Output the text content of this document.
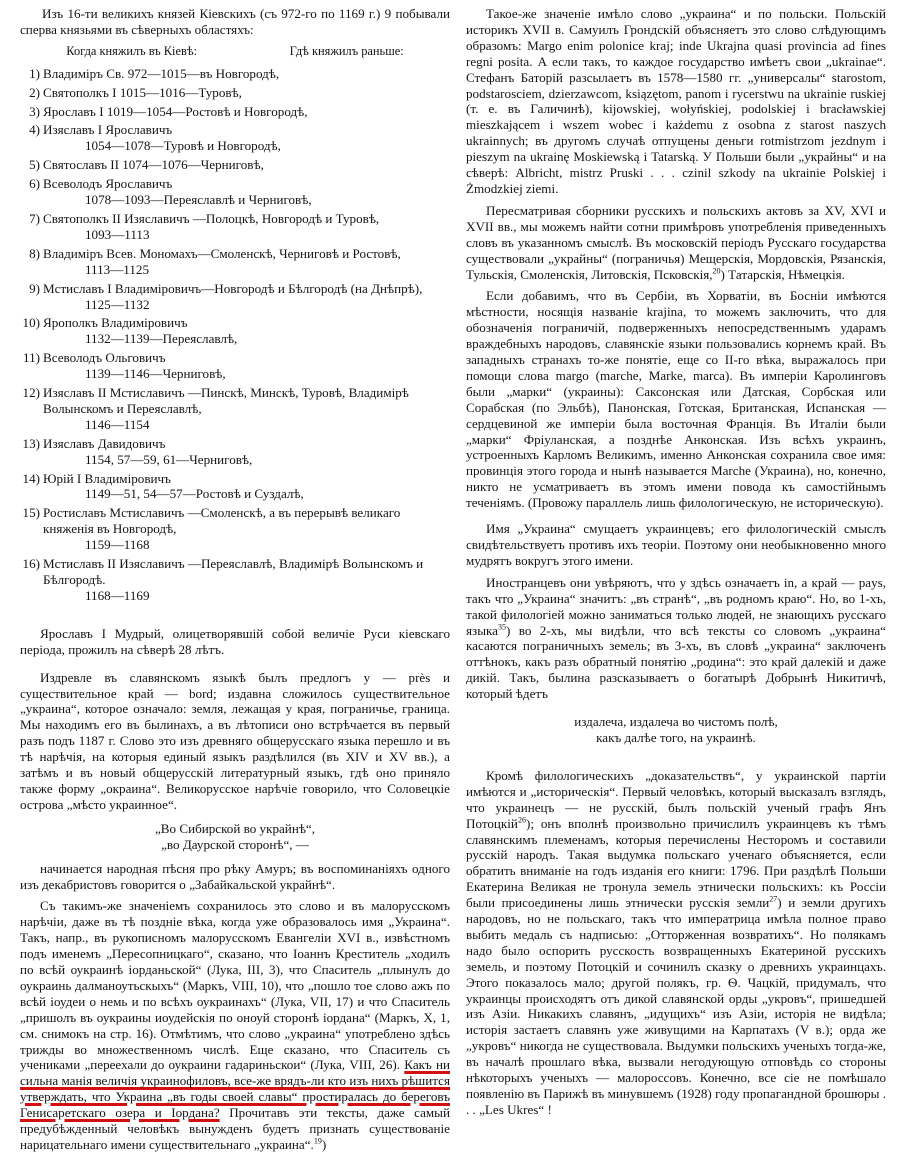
Изъ 16-ти великихъ князей Кіевскихъ (съ 972-го по 1169 г.) 9 побывали сперва князьями въ сѣверныхъ областяхъ:

Когда княжилъ въ Кіевѣ:	Гдѣ княжилъ раньше:
1) Владиміръ Св. 972—1015—въ Новгородѣ,
2) Святополкъ I 1015—1016—Туровѣ,
3) Ярославъ I 1019—1054—Ростовѣ и Новгородѣ,
4) Изяславъ I Ярославичъ
1054—1078—Туровѣ и Новгородѣ,
5) Святославъ II 1074—1076—Черниговѣ,
6) Всеволодъ Ярославичъ
1078—1093—Переяславлѣ и Черниговѣ,
7) Святополкъ II Изяславичъ —Полоцкѣ, Новгородѣ и Туровѣ,
1093—1113
8) Владиміръ Всев. Мономахъ—Смоленскѣ, Черниговѣ и Ростовѣ,
1113—1125
9) Мстиславъ I Владиміровичъ—Новгородѣ и Бѣлгородѣ (на Днѣпрѣ),
1125—1132
10) Ярополкъ Владиміровичъ
1132—1139—Переяславлѣ,
11) Всеволодъ Ольговичъ
1139—1146—Черниговѣ,
12) Изяславъ II Мстиславичъ —Пинскѣ, Минскѣ, Туровѣ, Владимірѣ Волынскомъ и Переяславлѣ,
1146—1154
13) Изяславъ Давидовичъ
1154, 57—59, 61—Черниговѣ,
14) Юрій I Владиміровичъ
1149—51, 54—57—Ростовѣ и Суздалѣ,
15) Ростиславъ Мстиславичъ —Смоленскѣ, а въ перерывѣ великаго княженія въ Новгородѣ,
1159—1168
16) Мстиславъ II Изяславичъ —Переяславлѣ, Владимірѣ Волынскомъ и Бѣлгородѣ.
1168—1169

Ярославъ I Мудрый, олицетворявшій собой величіе Руси кіевскаго періода, прожилъ на сѣверѣ 28 лѣтъ.

Издревле въ славянскомъ языкѣ былъ предлогъ у — près и существительное край — bord; издавна сложилось существительное „украина“, которое означало: земля, лежащая у края, пограничье, граница. Мы находимъ его въ былинахъ, а въ лѣтописи оно встрѣчается въ первый разъ подъ 1187 г. Слово это изъ древняго общерусскаго языка перешло и въ тѣ нарѣчія, на которыя единый языкъ раздѣлился (въ XIV и XV вв.), а затѣмъ и въ новый общерусскій литературный языкъ, гдѣ оно приняло также форму „окраина“. Великорусское нарѣчіе говорило, что Соловецкіе острова „мѣсто украинное“.

„Во Сибирской во украйнѣ“,
„во Даурской сторонѣ“, —

начинается народная пѣсня про рѣку Амуръ; въ воспоминаніяхъ одного изъ декабристовъ говорится о „Забайкальской украйнѣ“.

Съ такимъ-же значеніемъ сохранилось это слово и въ малорусскомъ нарѣчіи, даже въ тѣ поздніе вѣка, когда уже образовалось имя „Украина“. Такъ, напр., въ рукописномъ малорусскомъ Евангеліи XVI в., извѣстномъ подъ именемъ „Пересопницкаго“, сказано, что Іоаннъ Креститель „ходилъ по всѣй оукраинѣ іорданьской“ (Лука, III, 3), что Спаситель „плынулъ до оукраинь далманоутьскыхъ“ (Маркъ, VIII, 10), что „пошло тое слово ажъ по всѣй іоудеи о немь и по всѣхъ оукраинахъ“ (Лука, VII, 17) и что Спаситель „пришолъ въ оукраины иоудейскія по оноуй сторонѣ іордана“ (Маркъ, X, 1, см. снимокъ на стр. 16). Отмѣтимъ, что слово „украина“ употреблено здѣсь трижды во множественномъ числѣ. Еще сказано, что Спаситель съ учениками „переехали до оукраини гадариньскои“ (Лука, VIII, 26). Какъ ни сильна манія величія украинофиловъ, все-же врядъ-ли кто изъ нихъ рѣшится утверждать, что Украина „въ годы своей славы“ простиралась до береговъ Генисаретскаго озера и Іордана? Прочитавъ эти тексты, даже самый предубѣжденный человѣкъ вынужденъ будетъ признать существованіе нарицательнаго имени существительнаго „украина“.$^{19}$)

Такое-же значеніе имѣло слово „украина“ и по польски. Польскій историкъ XVII в. Самуилъ Грондскій объясняетъ это слово слѣдующимъ образомъ: Margo enim polonice kraj; inde Ukrajna quasi provincia ad fines regni posita. А если такъ, то каждое государство имѣетъ свои „ukrainae“. Стефанъ Баторій разсылаетъ въ 1578—1580 гг. „универсалы“ starostom, podstarosciem, dzierzawcom, ksiązętom, panom i rycerstwu na ukrainie ruskiej (т. е. въ Галичинѣ), kijowskiej, wołyńskiej, podolskiej i bracławskiej mieszkającem i wszem wobec i każdemu z osobna z starost naszych ukrainnych; въ другомъ случаѣ отпущены деньги rotmistrzom jezdnym i pieszym na ukrainę Moskiewską i Tatarską. У Польши были „украйны“ и на сѣверѣ: Albricht, mistrz Pruski . . . czinil szkody na ukrainie Polskiej i Żmodzkiej ziemi.

Пересматривая сборники русскихъ и польскихъ актовъ за XV, XVI и XVII вв., мы можемъ найти сотни примѣровъ употребленія приведенныхъ словъ въ указанномъ смыслѣ. Въ московскій періодъ Русскаго государства существовали „украйны“ (пограничья) Мещерскія, Мордовскія, Рязанскія, Тульскія, Смоленскія, Литовскія, Псковскія,$^{20}$) Татарскія, Нѣмецкія.

Если добавимъ, что въ Сербіи, въ Хорватіи, въ Босніи имѣются мѣстности, носящія названіе krajina, то можемъ заключить, что для обозначенія пограничій, подверженныхъ непосредственнымъ ударамъ враждебныхъ народовъ, славянскіе языки пользовались корнемъ край. Въ западныхъ странахъ то-же понятіе, еще со II-го вѣка, выражалось при помощи слова margo (marche, Marke, marca). Въ имперіи Каролинговъ были „марки“ (украины): Саксонская или Датская, Сорбская или Сорабская (по Эльбѣ), Панонская, Готская, Британская, Испанская — сердцевиной же имперіи была восточная Франція. Въ Италіи были „марки“ Фріуланская, а позднѣе Анконская. Изъ всѣхъ украинъ, устроенныхъ Карломъ Великимъ, именно Анконская сохранила свое имя: провинція этого города и нынѣ называется Marche (Украина), но, конечно, никто не усматриваетъ въ этомъ имени повода къ самостійнымъ теченіямъ. (Провожу параллель лишь филологическую, не историческую).

Имя „Украина“ смущаетъ украинцевъ; его филологическій смыслъ свидѣтельствуетъ противъ ихъ теоріи. Поэтому они необыкновенно много мудрятъ вокругъ этого имени.

Иностранцевъ они увѣряютъ, что у здѣсь означаетъ in, а край — pays, такъ что „Украина“ значитъ: „въ странѣ“, „въ родномъ краю“. Но, во 1-хъ, такой филологіей можно заниматься только людей, не знающихъ русскаго языка$^{35}$) во 2-хъ, мы видѣли, что всѣ тексты со словомъ „украина“ касаются пограничныхъ земель; въ 3-хъ, въ словѣ „украина“ заключенъ оттѣнокъ, какъ разъ обратный понятію „родина“: это край далекій и даже дикій. Такъ, былина разсказываетъ о богатырѣ Добрынѣ Никитичѣ, который ѣдетъ

издалеча, издалеча во чистомъ полѣ,
какъ далѣе того, на украинѣ.

Кромѣ филологическихъ „доказательствъ“, у украинской партіи имѣются и „историческія“. Первый человѣкъ, который высказалъ взглядъ, что украинецъ — не русскій, былъ польскій ученый графъ Янъ Потоцкій$^{26}$); онъ вполнѣ произвольно причислилъ украинцевъ къ тѣмъ славянскимъ племенамъ, которыя перечислены Несторомъ и составили русскій народъ. Такая выдумка польскаго ученаго объясняется, если обратить вниманіе на годъ изданія его книги: 1796. При раздѣлѣ Польши Екатерина Великая не тронула земель этнически польскихъ: къ Россіи были присоединены лишь этнически русскія земли$^{27}$) и земли другихъ народовъ, но не польскаго, такъ что императрица имѣла полное право выбить медаль съ надписью: „Отторженная возвратихъ“. Но полякамъ надо было оспорить русскость возвращенныхъ Екатериной русскихъ земель, и поэтому Потоцкій и сочинилъ сказку о древнихъ украинцахъ. Этого показалось мало; другой полякъ, гр. Ѳ. Чацкій, придумалъ, что украинцы происходятъ отъ дикой славянской орды „укровъ“, пришедшей изъ Азіи. Никакихъ славянъ, „идущихъ“ изъ Азіи, исторія не видѣла; исторія застаетъ славянъ уже живущими на Карпатахъ (V в.); орда же „укровъ“ никогда не существовала. Выдумки польскихъ ученыхъ тогда-же, въ началѣ прошлаго вѣка, вызвали негодующую отповѣдь со стороны нѣкоторыхъ ученыхъ — малороссовъ. Конечно, все сіе не помѣшало появленію въ Парижѣ въ минувшемъ (1928) году пропагандной брошюры . . . „Les Ukres“ !
